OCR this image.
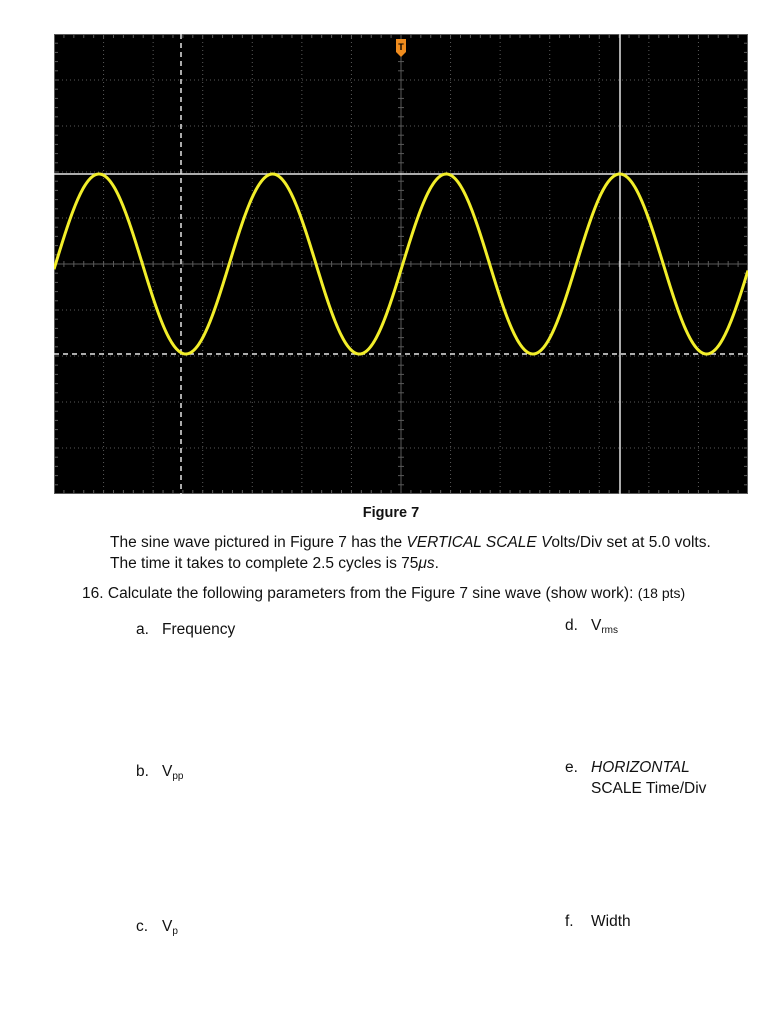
T
Figure 7
The sine wave pictured in Figure 7 has the VERTICAL SCALE Volts/Div set at 5.0 volts. The time it takes to complete 2.5 cycles is 75μs.
16. Calculate the following parameters from the Figure 7 sine wave (show work): (18 pts)
a. Frequency
b. Vpp
c. Vp
d. Vrms
e. HORIZONTAL
SCALE Time/Div
f. Width
